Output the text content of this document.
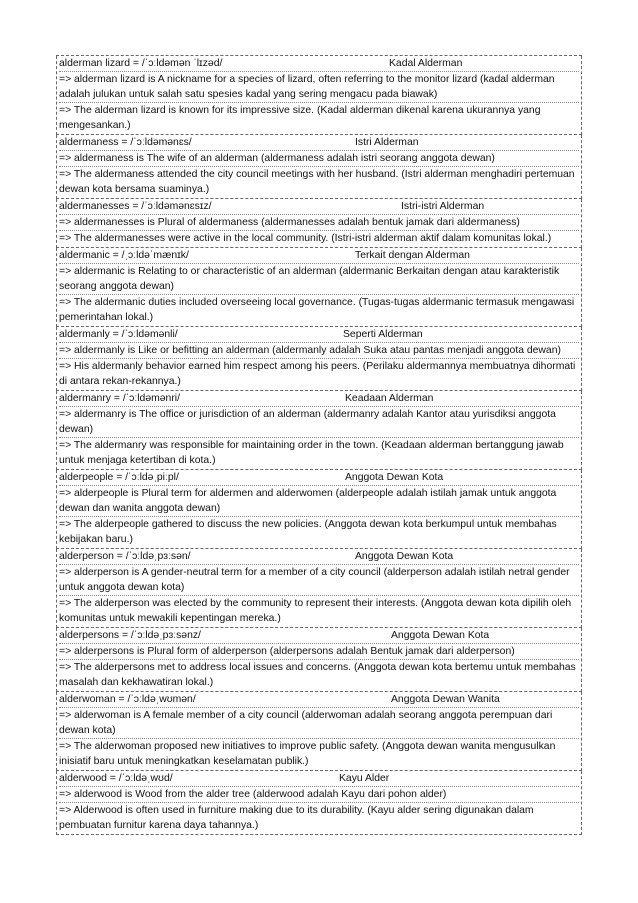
alderman lizard = /ˈɔːldəmən ˈlɪzəd/	Kadal Alderman

=> alderman lizard is A nickname for a species of lizard, often referring to the monitor lizard (kadal alderman adalah julukan untuk salah satu spesies kadal yang sering mengacu pada biawak)

=> The alderman lizard is known for its impressive size. (Kadal alderman dikenal karena ukurannya yang mengesankan.)

aldermaness = /ˈɔːldəmənɛs/	Istri Alderman

=> aldermaness is The wife of an alderman (aldermaness adalah istri seorang anggota dewan)

=> The aldermaness attended the city council meetings with her husband. (Istri alderman menghadiri pertemuan dewan kota bersama suaminya.)

aldermanesses = /ˈɔːldəmənɛsɪz/	Istri-istri Alderman

=> aldermanesses is Plural of aldermaness (aldermanesses adalah bentuk jamak dari aldermaness)

=> The aldermanesses were active in the local community. (Istri-istri alderman aktif dalam komunitas lokal.)

aldermanic = /ˌɔːldəˈmænɪk/	Terkait dengan Alderman

=> aldermanic is Relating to or characteristic of an alderman (aldermanic Berkaitan dengan atau karakteristik seorang anggota dewan)

=> The aldermanic duties included overseeing local governance. (Tugas-tugas aldermanic termasuk mengawasi pemerintahan lokal.)

aldermanly = /ˈɔːldəmənli/	Seperti Alderman

=> aldermanly is Like or befitting an alderman (aldermanly adalah Suka atau pantas menjadi anggota dewan)

=> His aldermanly behavior earned him respect among his peers. (Perilaku aldermannya membuatnya dihormati di antara rekan-rekannya.)

aldermanry = /ˈɔːldəmənri/	Keadaan Alderman

=> aldermanry is The office or jurisdiction of an alderman (aldermanry adalah Kantor atau yurisdiksi anggota dewan)

=> The aldermanry was responsible for maintaining order in the town. (Keadaan alderman bertanggung jawab untuk menjaga ketertiban di kota.)

alderpeople = /ˈɔːldəˌpiːpl/	Anggota Dewan Kota

=> alderpeople is Plural term for aldermen and alderwomen (alderpeople adalah istilah jamak untuk anggota dewan dan wanita anggota dewan)

=> The alderpeople gathered to discuss the new policies. (Anggota dewan kota berkumpul untuk membahas kebijakan baru.)

alderperson = /ˈɔːldəˌpɜːsən/	Anggota Dewan Kota

=> alderperson is A gender-neutral term for a member of a city council (alderperson adalah istilah netral gender untuk anggota dewan kota)

=> The alderperson was elected by the community to represent their interests. (Anggota dewan kota dipilih oleh komunitas untuk mewakili kepentingan mereka.)

alderpersons = /ˈɔːldəˌpɜːsənz/	Anggota Dewan Kota

=> alderpersons is Plural form of alderperson (alderpersons adalah Bentuk jamak dari alderperson)

=> The alderpersons met to address local issues and concerns. (Anggota dewan kota bertemu untuk membahas masalah dan kekhawatiran lokal.)

alderwoman = /ˈɔːldəˌwʊmən/	Anggota Dewan Wanita

=> alderwoman is A female member of a city council (alderwoman adalah seorang anggota perempuan dari dewan kota)

=> The alderwoman proposed new initiatives to improve public safety. (Anggota dewan wanita mengusulkan inisiatif baru untuk meningkatkan keselamatan publik.)

alderwood = /ˈɔːldəˌwʊd/	Kayu Alder

=> alderwood is Wood from the alder tree (alderwood adalah Kayu dari pohon alder)

=> Alderwood is often used in furniture making due to its durability. (Kayu alder sering digunakan dalam pembuatan furnitur karena daya tahannya.)
